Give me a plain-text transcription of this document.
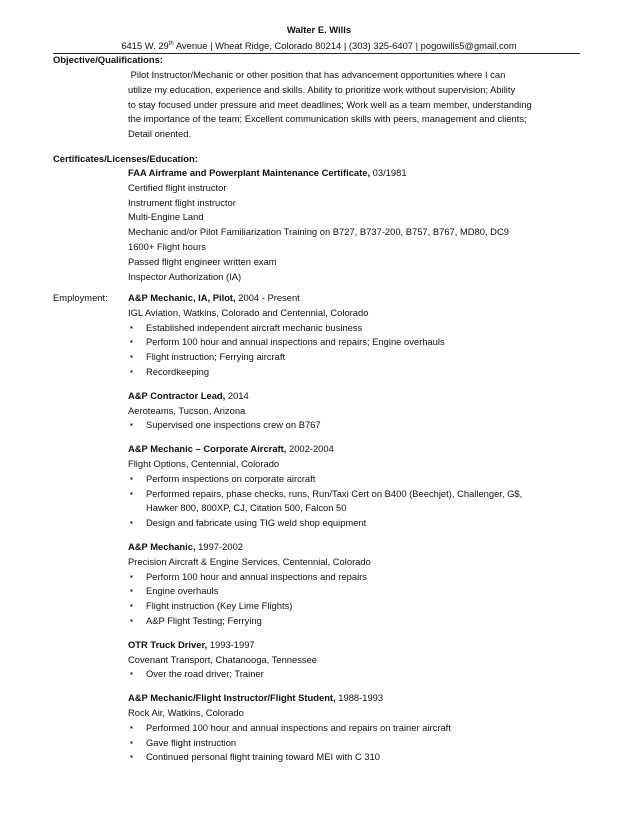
Walter E. Wills
6415 W. 29th Avenue | Wheat Ridge, Colorado 80214 | (303) 325-6407 | pogowills5@gmail.com
Objective/Qualifications:
Pilot Instructor/Mechanic or other position that has advancement opportunities where I can
utilize my education, experience and skills. Ability to prioritize work without supervision; Ability
to stay focused under pressure and meet deadlines; Work well as a team member, understanding
the importance of the team; Excellent communication skills with peers, management and clients;
Detail oriented.
Certificates/Licenses/Education:
FAA Airframe and Powerplant Maintenance Certificate, 03/1981
Certified flight instructor
Instrument flight instructor
Multi-Engine Land
Mechanic and/or Pilot Familiarization Training on B727, B737-200, B757, B767, MD80, DC9
1600+ Flight hours
Passed flight engineer written exam
Inspector Authorization (IA)
Employment: A&P Mechanic, IA, Pilot, 2004 - Present
IGL Aviation, Watkins, Colorado and Centennial, Colorado
▪ Established independent aircraft mechanic business
▪ Perform 100 hour and annual inspections and repairs; Engine overhauls
▪ Flight instruction; Ferrying aircraft
▪ Recordkeeping
A&P Contractor Lead, 2014
Aeroteams, Tucson, Arizona
▪ Supervised one inspections crew on B767
A&P Mechanic – Corporate Aircraft, 2002-2004
Flight Options, Centennial, Colorado
▪ Perform inspections on corporate aircraft
▪ Performed repairs, phase checks, runs, Run/Taxi Cert on B400 (Beechjet), Challenger, G$,
Hawker 800, 800XP, CJ, Citation 500, Falcon 50
▪ Design and fabricate using TIG weld shop equipment
A&P Mechanic, 1997-2002
Precision Aircraft & Engine Services, Centennial, Colorado
▪ Perform 100 hour and annual inspections and repairs
▪ Engine overhauls
▪ Flight instruction (Key Lime Flights)
▪ A&P Flight Testing; Ferrying
OTR Truck Driver, 1993-1997
Covenant Transport, Chatanooga, Tennessee
▪ Over the road driver; Trainer
A&P Mechanic/Flight Instructor/Flight Student, 1988-1993
Rock Air, Watkins, Colorado
▪ Performed 100 hour and annual inspections and repairs on trainer aircraft
▪ Gave flight instruction
▪ Continued personal flight training toward MEI with C 310
